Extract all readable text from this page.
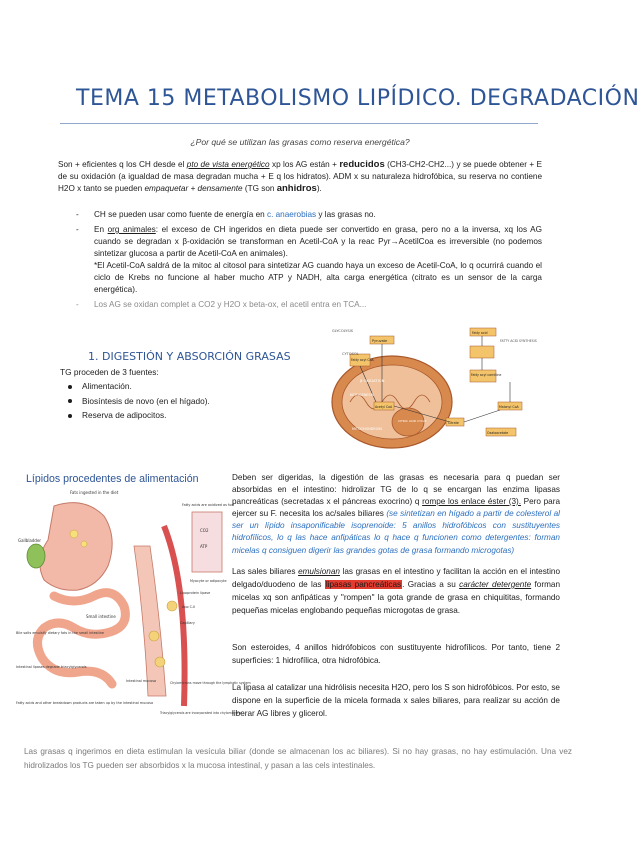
TEMA 15 METABOLISMO LIPÍDICO. DEGRADACIÓN
¿Por qué se utilizan las grasas como reserva energética?
Son + eficientes q los CH desde el pto de vista energético xp los AG están + reducidos (CH3-CH2-CH2...) y se puede obtener + E de su oxidación (a igualdad de masa degradan mucha + E q los hidratos). ADM x su naturaleza hidrofóbica, su reserva no contiene H2O x tanto se pueden empaquetar + densamente (TG son anhidros).
- CH se pueden usar como fuente de energía en c. anaerobias y las grasas no.
- En org animales: el exceso de CH ingeridos en dieta puede ser convertido en grasa, pero no a la inversa, xq los AG cuando se degradan x β-oxidación se transforman en Acetil-CoA y la reac Pyr→AcetilCoa es irreversible (no podemos sintetizar glucosa a partir de Acetil-CoA en animales).
*El Acetil-CoA saldrá de la mitoc al citosol para sintetizar AG cuando haya un exceso de Acetil-CoA, lo q ocurrirá cuando el ciclo de Krebs no funcione al haber mucho ATP y NADH, alta carga energética (citrato es un sensor de la carga energética).
- Los AG se oxidan complet a CO2 y H2O x beta-ox, el acetil entra en TCA...
1. DIGESTIÓN Y ABSORCIÓN GRASAS
TG proceden de 3 fuentes:
Alimentación.
Biosíntesis de novo (en el hígado).
Reserva de adipocitos.
GLYCOLYSIS
CYTOSOL
Pyruvate
Fatty acyl CoA
FATTY ACID SYNTHESIS
Fatty acid
Fatty acyl carnitine
β OXIDATION
KETOGENESIS
Acetyl CoA	Malonyl CoA
Citrate
MITOCHONDRION
CITRIC ACID CYCLE
Oxaloacetate
Lípidos procedentes de alimentación
Fats ingested in the diet
Gallbladder
Small intestine
Bile salts emulsify dietary fats in the small intestine
Intestinal lipases degrade triacylglycerols
Fatty acids and other breakdown products are taken up by the intestinal mucosa
Fatty acids are oxidized as fuel
Myocyte or adipocyte
Lipoprotein lipase
Capillary
Chylomicrons move through the lymphatic system
Triacylglycerols are incorporated into chylomicrons
Intestinal mucosa
CO2
ATP
Apo C-II
Deben ser digeridas, la digestión de las grasas es necesaria para q puedan ser absorbidas en el intestino: hidrolizar TG de lo q se encargan las enzima lipasas pancreáticas (secretadas x el páncreas exocrino) q rompe los enlace éster (3). Pero para ejercer su F. necesita los ac/sales biliares (se sintetizan en hígado a partir de colesterol al ser un lípido insaponificable isoprenoide: 5 anillos hidrofóbicos con sustituyentes hidrofílicos, lo q las hace anfipáticas lo q hace q funcionen como detergentes: forman micelas q consiguen digerir las grandes gotas de grasa formando microgotas)
Las sales biliares emulsionan las grasas en el intestino y facilitan la acción en el intestino delgado/duodeno de las lipasas pancreáticas. Gracias a su carácter detergente forman micelas xq son anfipáticas y "rompen" la gota grande de grasa en chiquititas, formando pequeñas micelas englobando pequeñas microgotas de grasa.
Son esteroides, 4 anillos hidrófobicos con sustituyente hidrofílicos. Por tanto, tiene 2 superficies: 1 hidrofílica, otra hidrofóbica.
La lipasa al catalizar una hidrólisis necesita H2O, pero los S son hidrofóbicos. Por esto, se dispone en la superficie de la micela formada x sales biliares, para realizar su acción de liberar AG libres y glicerol.
Las grasas q ingerimos en dieta estimulan la vesícula biliar (donde se almacenan los ac biliares). Si no hay grasas, no hay estimulación. Una vez hidrolizados los TG pueden ser absorbidos x la mucosa intestinal, y pasan a las cels intestinales.
